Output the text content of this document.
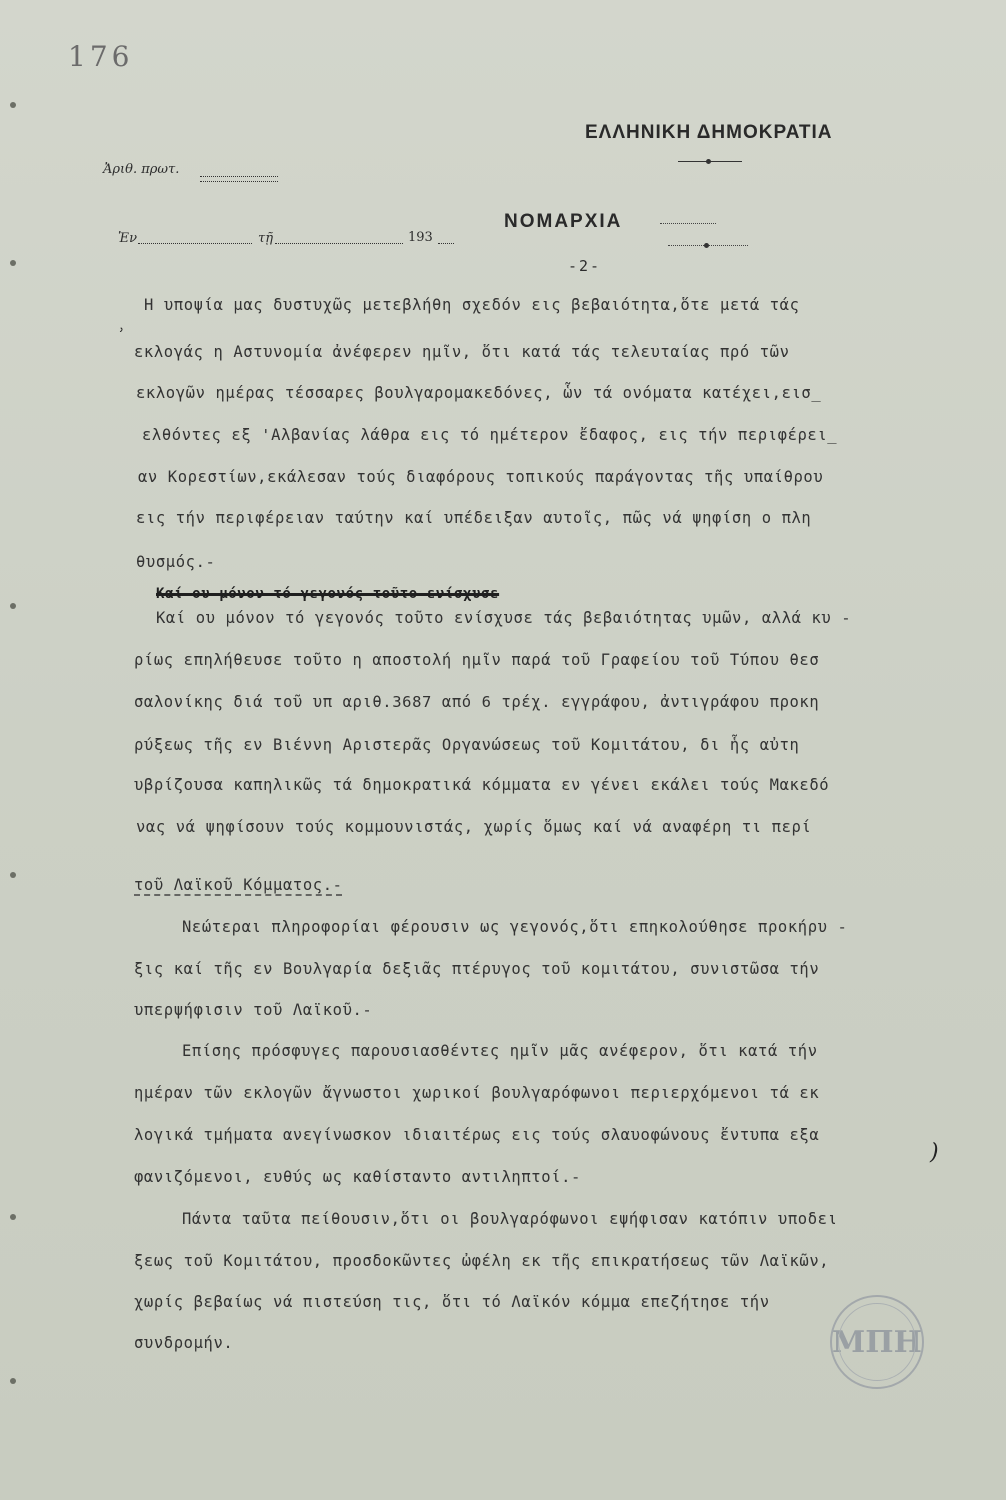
176
ΕΛΛΗΝΙΚΗ ΔΗΜΟΚΡΑΤΙΑ
Ἀριθ. πρωτ.
Ἐν	τῇ	193
ΝΟΜΑΡΧΙΑ
-2-
Η υποψία μας δυστυχῶς μετεβλήθη σχεδόν εις βεβαιότητα,ὅτε μετά τάς
εκλογάς η Αστυνομία ἀνέφερεν ημῖν, ὅτι κατά τάς τελευταίας πρό τῶν
εκλογῶν ημέρας τέσσαρες βουλγαρομακεδόνες, ὧν τά ονόματα κατέχει,εισ_
ελθόντες εξ 'Αλβανίας λάθρα εις τό ημέτερον ἔδαφος, εις τήν περιφέρει_
αν Κορεστίων,εκάλεσαν τούς διαφόρους τοπικούς παράγοντας τῆς υπαίθρου
εις τήν περιφέρειαν ταύτην καί υπέδειξαν αυτοῖς, πῶς νά ψηφίση ο πλη
θυσμός.-
Καί ου μόνον τό γεγονός τοῦτο ενίσχυσε
Καί ου μόνον τό γεγονός τοῦτο ενίσχυσε τάς βεβαιότητας υμῶν, αλλά κυ -
ρίως επηλήθευσε τοῦτο η αποστολή ημῖν παρά τοῦ Γραφείου τοῦ Τύπου θεσ
σαλονίκης διά τοῦ υπ αριθ.3687 από 6 τρέχ. εγγράφου, ἀντιγράφου προκη
ρύξεως τῆς εν Βιέννη Αριστερᾶς Οργανώσεως τοῦ Κομιτάτου, δι ἧς αὐτη
υβρίζουσα καπηλικῶς τά δημοκρατικά κόμματα εν γένει εκάλει τούς Μακεδό
νας νά ψηφίσουν τούς κομμουνιστάς, χωρίς ὅμως καί νά αναφέρη τι περί
τοῦ Λαϊκοῦ Κόμματος.-
Νεώτεραι πληροφορίαι φέρουσιν ως γεγονός,ὅτι επηκολούθησε προκήρυ -
ξις καί τῆς εν Βουλγαρία δεξιᾶς πτέρυγος τοῦ κομιτάτου, συνιστῶσα τήν
υπερψήφισιν τοῦ Λαϊκοῦ.-
Επίσης πρόσφυγες παρουσιασθέντες ημῖν μᾶς ανέφερον, ὅτι κατά τήν
ημέραν τῶν εκλογῶν ἄγνωστοι χωρικοί βουλγαρόφωνοι περιερχόμενοι τά εκ
λογικά τμήματα ανεγίνωσκον ιδιαιτέρως εις τούς σλαυοφώνους ἔντυπα εξα
φανιζόμενοι, ευθύς ως καθίσταντο αντιληπτοί.-
Πάντα ταῦτα πείθουσιν,ὅτι οι βουλγαρόφωνοι εψήφισαν κατόπιν υποδει
ξεως τοῦ Κομιτάτου, προσδοκῶντες ὠφέλη εκ τῆς επικρατήσεως τῶν Λαϊκῶν,
χωρίς βεβαίως νά πιστεύση τις, ὅτι τό Λαϊκόν κόμμα επεζήτησε τήν
συνδρομήν.
ʾ
)
ΜΠΗ
